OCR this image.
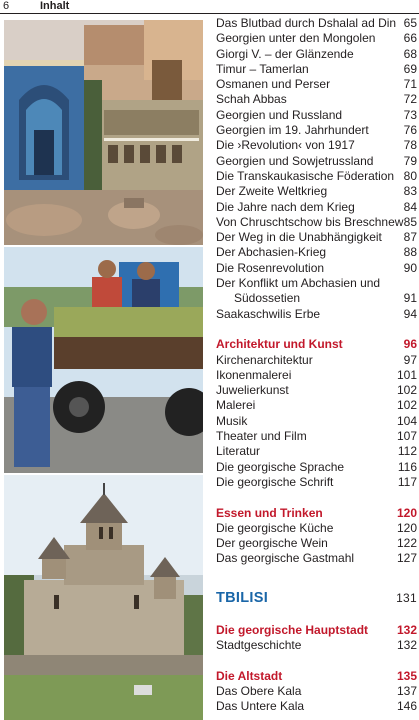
6	Inhalt
Das Blutbad durch Dshalal ad Din 65
Georgien unter den Mongolen 66
Giorgi V. – der Glänzende	68
Timur – Tamerlan	69
Osmanen und Perser	71
Schah Abbas	72
Georgien und Russland	73
Georgien im 19. Jahrhundert	76
Die ›Revolution‹ von 1917	78
Georgien und Sowjetrussland	79
Die Transkaukasische Föderation 80
Der Zweite Weltkrieg	83
Die Jahre nach dem Krieg	84
Von Chruschtschow bis Breschnew 85
Der Weg in die Unabhängigkeit 87
Der Abchasien-Krieg	88
Die Rosenrevolution	90
Der Konflikt um Abchasien und
Südossetien	91
Saakaschwilis Erbe	94
Architektur und Kunst	96
Kirchenarchitektur	97
Ikonenmalerei	101
Juwelierkunst	102
Malerei	102
Musik	104
Theater und Film	107
Literatur	112
Die georgische Sprache	116
Die georgische Schrift	117
Essen und Trinken	120
Die georgische Küche	120
Der georgische Wein	122
Das georgische Gastmahl	127
TBILISI	131
Die georgische Hauptstadt 132
Stadtgeschichte	132
Die Altstadt	135
Das Obere Kala	137
Das Untere Kala	146
